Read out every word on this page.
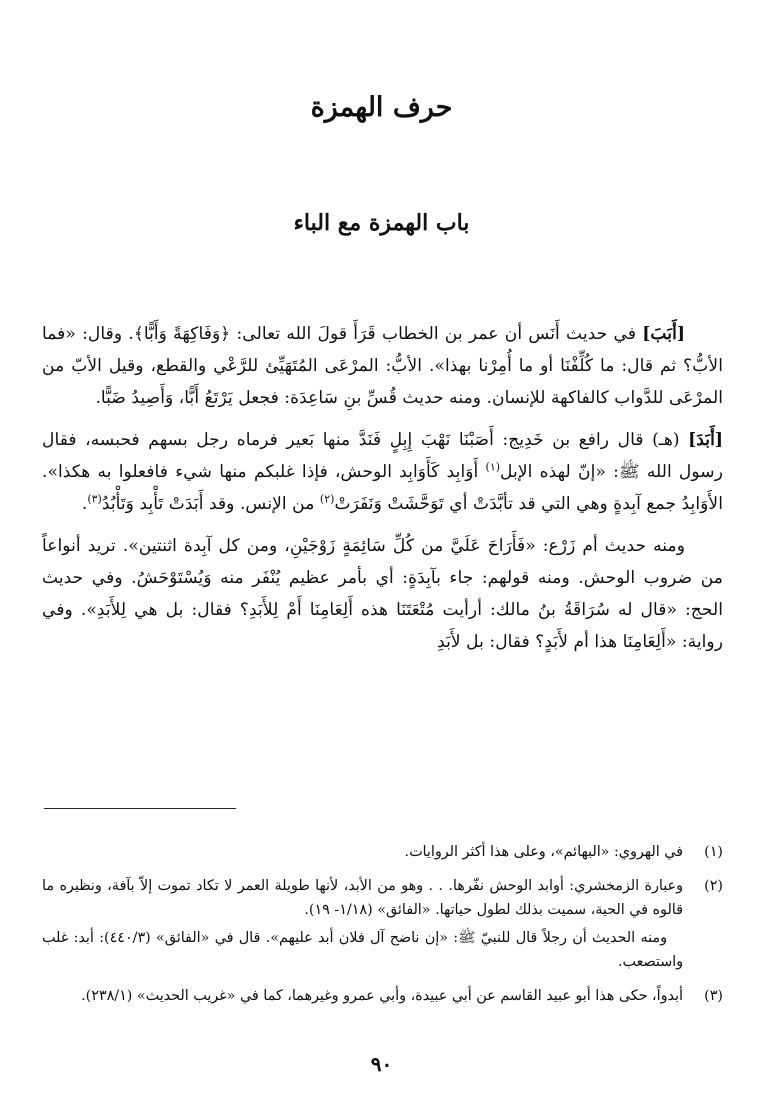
حرف الهمزة
باب الهمزة مع الباء

[أَبَبَ] في حديث أَنَس أن عمر بن الخطاب قَرَأَ قولَ الله تعالى: ﴿وَفَاكِهَةً وَأَبًّا﴾. وقال: «فما الأبُّ؟ ثم قال: ما كُلِّفْنَا أو ما أُمِرْنا بهذا». الأبُّ: المرْعَى المُتَهَيِّئ للرَّعْي والقطع، وقيل الأبّ من المرْعَى للدَّواب كالفاكهة للإنسان. ومنه حديث قُسِّ بنِ سَاعِدَة: فجعل يَرْتَعُ أَبًّا، وَأَصِيدُ ضَبًّا.

[أَبَدَ] (هـ) قال رافع بن خَدِيج: أَصَبْنَا نَهْبَ إِبِلٍ فَنَدَّ منها بَعير فرماه رجل بسهم فحبسه، فقال رسول الله ﷺ: «إنّ لهذه الإبل$^{(١)}$ أَوَابِد كَأَوَابِد الوحش، فإذا غلبكم منها شيء فافعلوا به هكذا». الأَوَابِدُ جمع آبِدةٍ وهي التي قد تأبَّدَتْ أي تَوَحَّشَتْ وَنَفَرَتْ$^{(٢)}$ من الإنس. وقد أَبَدَتْ تَأْبِد وَتَأْبُدُ$^{(٣)}$.

ومنه حديث أم زَرْع: «فَأَرَاحَ عَلَيَّ من كُلِّ سَائِمَةٍ زَوْجَيْنِ، ومن كل آبِدة اثنتين». تريد أنواعاً من ضروب الوحش. ومنه قولهم: جاء بآبِدَةٍ: أي بأمر عظيم يُنْفَر منه وَيُسْتَوْحَشُ. وفي حديث الحج: «قال له سُرَاقَةُ بنُ مالك: أرأيت مُتْعَتَنَا هذه أَلِعَامِنَا أَمْ لِلأَبَدِ؟ فقال: بل هي لِلأَبَدِ». وفي رواية: «أَلِعَامِنَا هذا أم لأَبَدٍ؟ فقال: بل لأَبَدِ

(١)
في الهروي: «البهائم»، وعلى هذا أكثر الروايات.
(٢)
وعبارة الزمخشري: أوابد الوحش نفّرها. . . وهو من الأبد، لأنها طويلة العمر لا تكاد تموت إلاّ بآفة، ونظيره ما قالوه في الحية، سميت بذلك لطول حياتها. «الفائق» (١/١٨- ١٩).
ومنه الحديث أن رجلاً قال للنبيّ ﷺ: «إن ناضح آل فلان أبد عليهم». قال في «الفائق» (٤٤٠/٣): أبد: غلب واستصعب.
(٣)
أبدواً، حكى هذا أبو عبيد القاسم عن أبي عبيدة، وأبي عمرو وغيرهما، كما في «غريب الحديث» (٢٣٨/١).
٩٠
